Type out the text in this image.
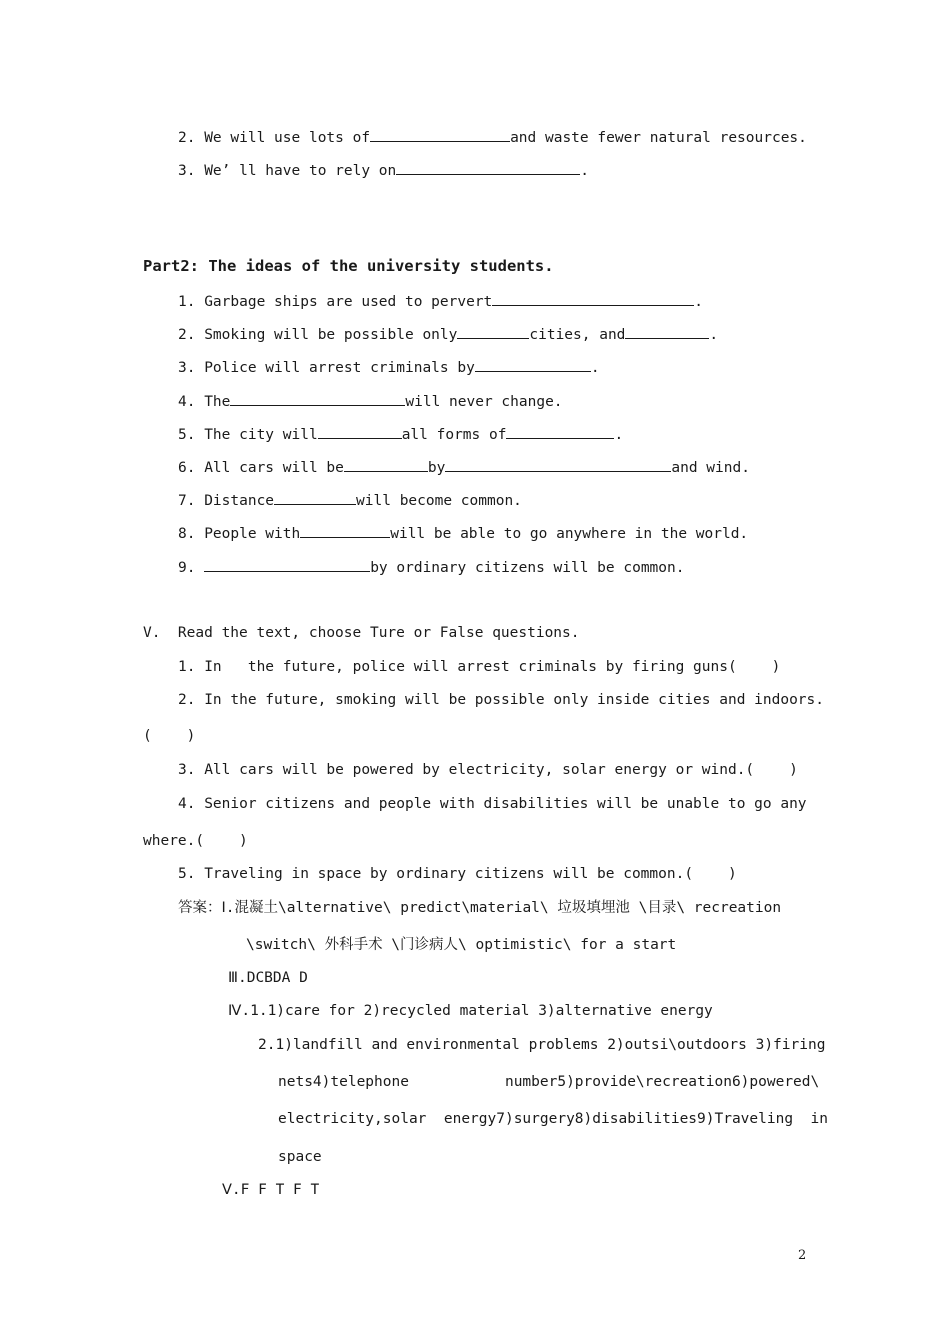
2. We will use lots of	and waste fewer natural resources.
3. We’ ll have to rely on	.
Part2: The ideas of the university students.
1. Garbage ships are used to pervert	.
2. Smoking will be possible only	cities, and	.
3. Police will arrest criminals by	.
4. The	will never change.
5. The city will	all forms of	.
6. All cars will be	by	and wind.
7. Distance	will become common.
8. People with	will be able to go anywhere in the world.
9.	by ordinary citizens will be common.
V.  Read the text, choose Ture or False questions.
1. In   the future, police will arrest criminals by firing guns(    )
2. In the future, smoking will be possible only inside cities and indoors.
(    )
3. All cars will be powered by electricity, solar energy or wind.(    )
4. Senior citizens and people with disabilities will be unable to go any
where.(    )
5. Traveling in space by ordinary citizens will be common.(    )
答案：Ⅰ.混凝土\alternative\ predict\material\ 垃圾填埋池 \目录\ recreation
\switch\ 外科手术 \门诊病人\ optimistic\ for a start
Ⅲ.DCBDA D
Ⅳ.1.1)care for 2)recycled material 3)alternative energy
2.1)landfill and environmental problems 2)outsi\outdoors 3)firing
nets4)telephone           number5)provide\recreation6)powered\
electricity,solar  energy7)surgery8)disabilities9)Traveling  in
space
Ⅴ.F F T F T
2
